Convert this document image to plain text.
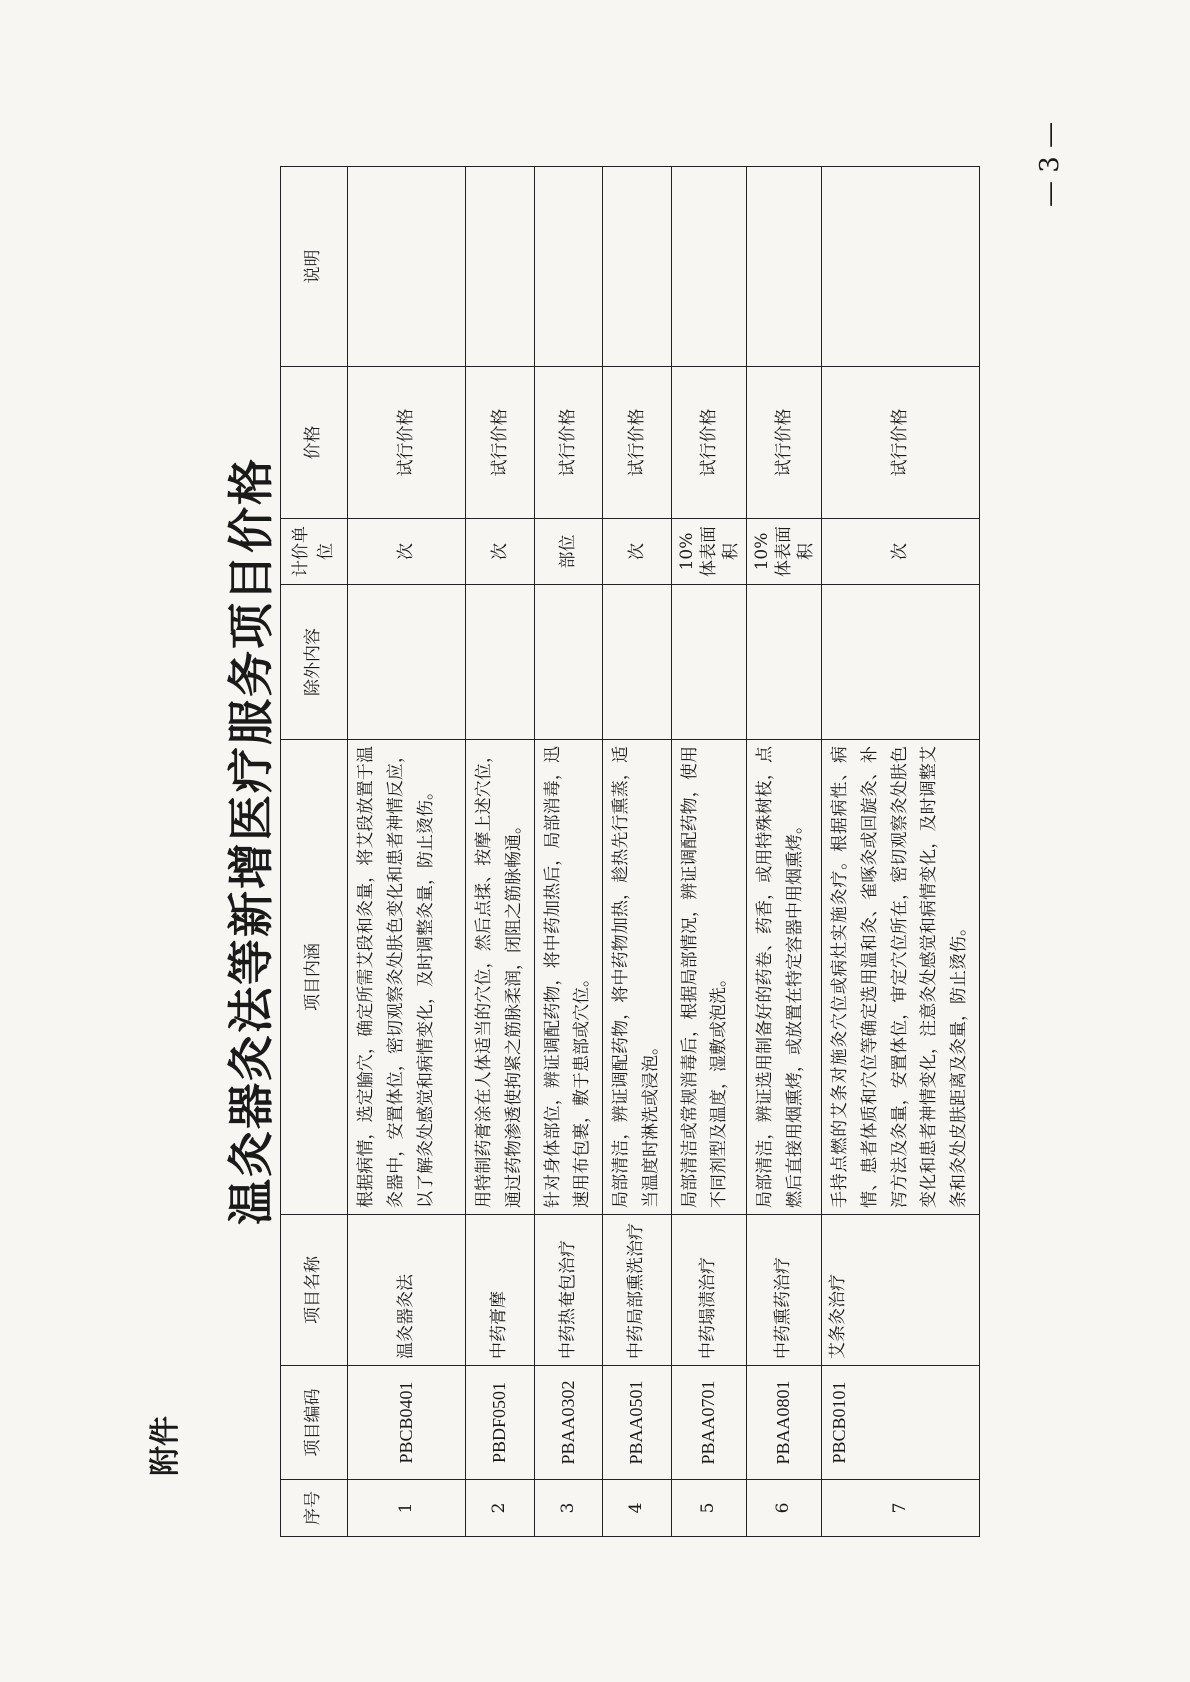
附件
温灸器灸法等新增医疗服务项目价格
序号	项目编码	项目名称	项目内涵	除外内容	计价单位	价格	说明
1	PBCB0401	温灸器灸法	根据病情，选定腧穴，确定所需艾段和灸量，将艾段放置于温灸器中，安置体位，密切观察灸处肤色变化和患者神情反应，以了解灸处感觉和病情变化，及时调整灸量，防止烫伤。		次	试行价格	
2	PBDF0501	中药膏摩	用特制药膏涂在人体适当的穴位，然后点揉、按摩上述穴位，通过药物渗透使拘紧之筋脉柔润，闭阻之筋脉畅通。		次	试行价格	
3	PBAA0302	中药热奄包治疗	针对身体部位，辨证调配药物，将中药加热后，局部消毒，迅速用布包裹，敷于患部或穴位。		部位	试行价格	
4	PBAA0501	中药局部熏洗治疗	局部清洁，辨证调配药物，将中药物加热，趁热先行熏蒸，适当温度时淋洗或浸泡。		次	试行价格	
5	PBAA0701	中药塌渍治疗	局部清洁或常规消毒后，根据局部情况，辨证调配药物，使用不同剂型及温度，湿敷或泡洗。		10%体表面积	试行价格	
6	PBAA0801	中药熏药治疗	局部清洁，辨证选用制备好的药卷、药香，或用特殊树枝，点燃后直接用烟熏烤，或放置在特定容器中用烟熏烤。		10%体表面积	试行价格	
7	PBCB0101	艾条灸治疗	手持点燃的艾条对施灸穴位或病灶实施灸疗。根据病性、病情、患者体质和穴位等确定选用温和灸、雀啄灸或回旋灸、补泻方法及灸量，安置体位，审定穴位所在，密切观察灸处肤色变化和患者神情变化，注意灸处感觉和病情变化，及时调整艾条和灸处皮肤距离及灸量，防止烫伤。		次	试行价格	
— 3 —
